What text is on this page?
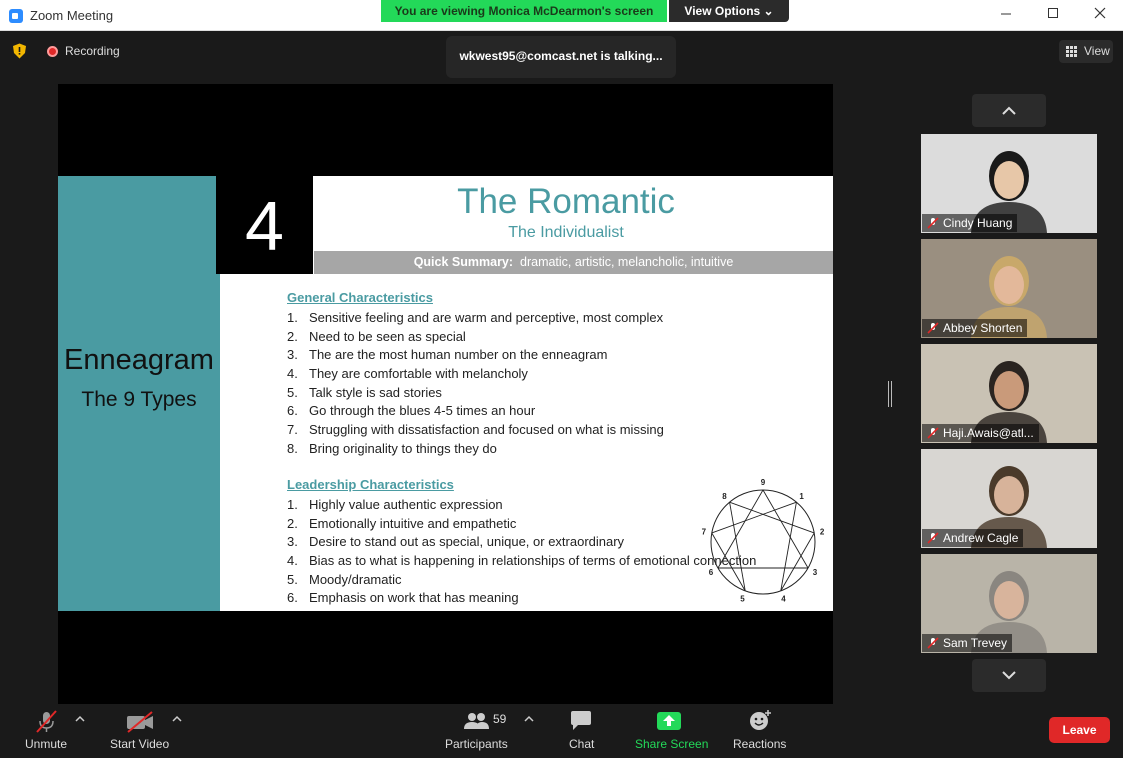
Zoom Meeting	You are viewing Monica McDearmon's screen	View Options ⌄
Recording	wkwest95@comcast.net is talking...	View
Enneagram
The 9 Types
4	The Romantic
The Individualist
Quick Summary: dramatic, artistic, melancholic, intuitive
General Characteristics
1. Sensitive feeling and are warm and perceptive, most complex
2. Need to be seen as special
3. The are the most human number on the enneagram
4. They are comfortable with melancholy
5. Talk style is sad stories
6. Go through the blues 4-5 times an hour
7. Struggling with dissatisfaction and focused on what is missing
8. Bring originality to things they do
Leadership Characteristics
1. Highly value authentic expression
2. Emotionally intuitive and empathetic
3. Desire to stand out as special, unique, or extraordinary
4. Bias as to what is happening in relationships of terms of emotional connection
5. Moody/dramatic
6. Emphasis on work that has meaning
9
1
2
3
4
5
6
7
8
Cindy Huang
Abbey Shorten
Haji.Awais@atl...
Andrew Cagle
Sam Trevey
Unmute	Start Video
59
Participants	Chat	Share Screen Reactions
Leave
